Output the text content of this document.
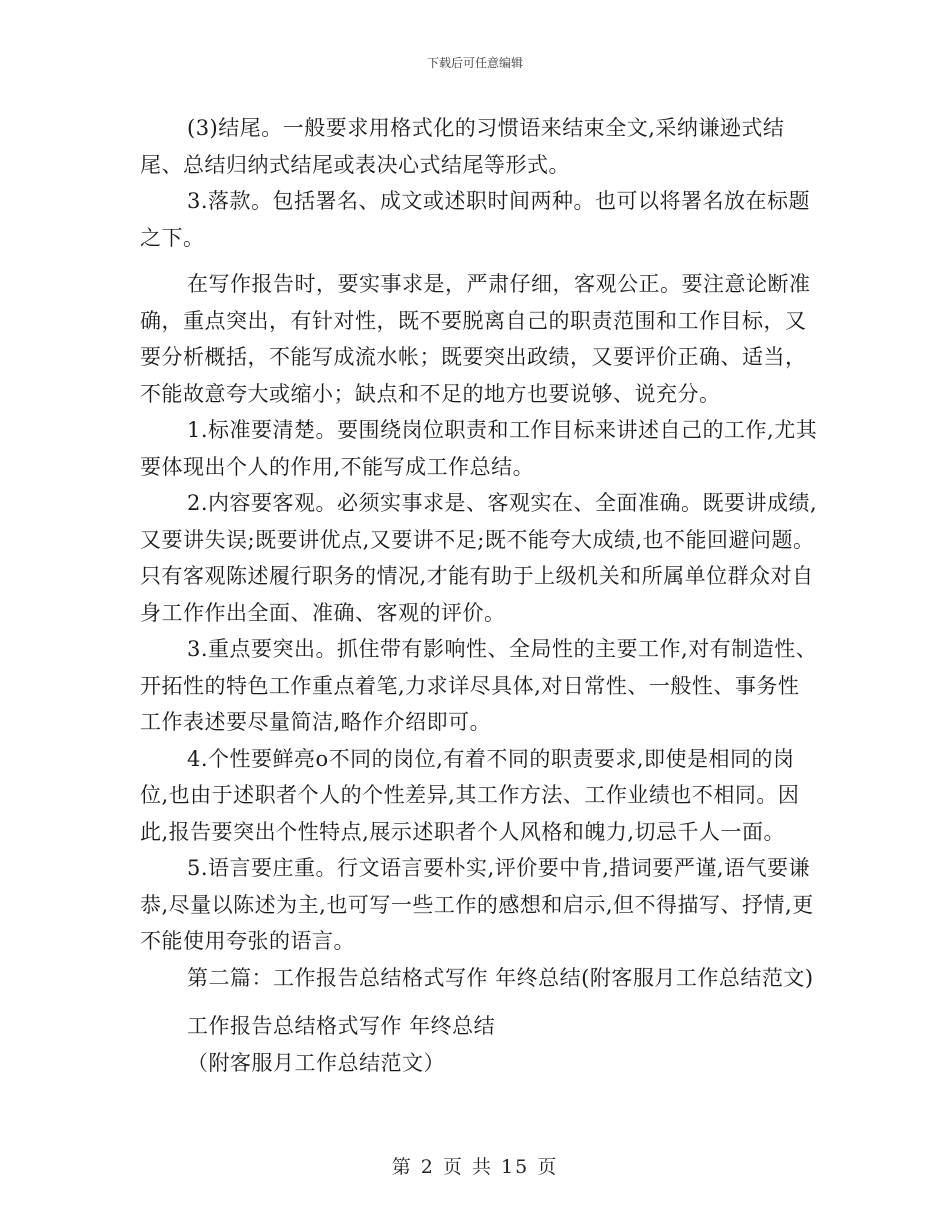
下载后可任意编辑

(3)结尾。一般要求用格式化的习惯语来结束全文,采纳谦逊式结尾、总结归纳式结尾或表决心式结尾等形式。

3.落款。包括署名、成文或述职时间两种。也可以将署名放在标题之下。

在写作报告时，要实事求是，严肃仔细，客观公正。要注意论断准确，重点突出，有针对性，既不要脱离自己的职责范围和工作目标，又要分析概括，不能写成流水帐；既要突出政绩，又要评价正确、适当，不能故意夸大或缩小；缺点和不足的地方也要说够、说充分。

1.标准要清楚。要围绕岗位职责和工作目标来讲述自己的工作,尤其要体现出个人的作用,不能写成工作总结。

2.内容要客观。必须实事求是、客观实在、全面准确。既要讲成绩,又要讲失误;既要讲优点,又要讲不足;既不能夸大成绩,也不能回避问题。只有客观陈述履行职务的情况,才能有助于上级机关和所属单位群众对自身工作作出全面、准确、客观的评价。

3.重点要突出。抓住带有影响性、全局性的主要工作,对有制造性、开拓性的特色工作重点着笔,力求详尽具体,对日常性、一般性、事务性工作表述要尽量简洁,略作介绍即可。

4.个性要鲜亮o不同的岗位,有着不同的职责要求,即使是相同的岗位,也由于述职者个人的个性差异,其工作方法、工作业绩也不相同。因此,报告要突出个性特点,展示述职者个人风格和魄力,切忌千人一面。

5.语言要庄重。行文语言要朴实,评价要中肯,措词要严谨,语气要谦恭,尽量以陈述为主,也可写一些工作的感想和启示,但不得描写、抒情,更不能使用夸张的语言。

第二篇：工作报告总结格式写作 年终总结(附客服月工作总结范文)

工作报告总结格式写作 年终总结

（附客服月工作总结范文）

第 2 页 共 15 页
